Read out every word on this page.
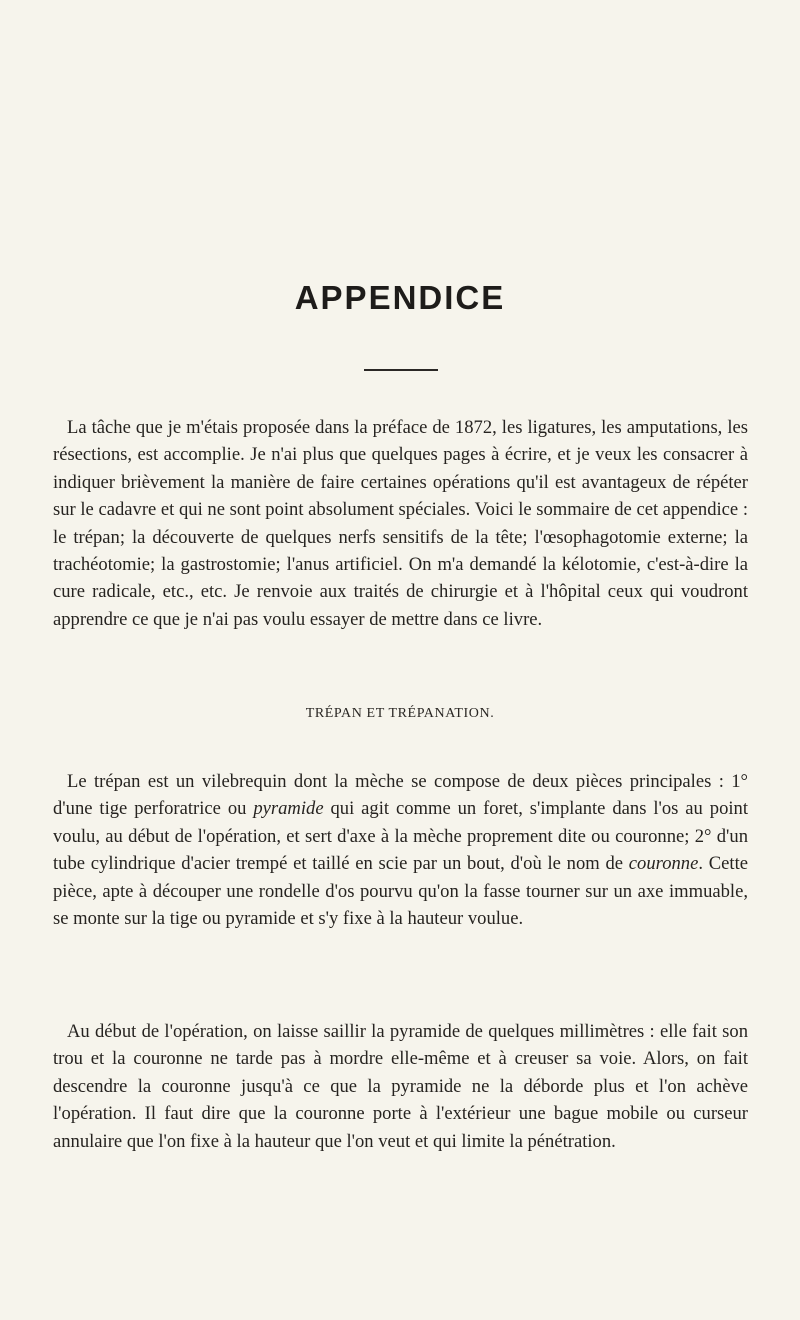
APPENDICE

La tâche que je m'étais proposée dans la préface de 1872, les ligatures, les amputations, les résections, est accomplie. Je n'ai plus que quelques pages à écrire, et je veux les consacrer à indiquer brièvement la manière de faire certaines opérations qu'il est avantageux de répéter sur le cadavre et qui ne sont point absolument spéciales. Voici le sommaire de cet appendice : le trépan; la découverte de quelques nerfs sensitifs de la tête; l'œsophagotomie externe; la trachéotomie; la gastrostomie; l'anus artificiel. On m'a demandé la kélotomie, c'est-à-dire la cure radicale, etc., etc. Je renvoie aux traités de chirurgie et à l'hôpital ceux qui voudront apprendre ce que je n'ai pas voulu essayer de mettre dans ce livre.

TRÉPAN ET TRÉPANATION.

Le trépan est un vilebrequin dont la mèche se compose de deux pièces principales : 1° d'une tige perforatrice ou pyramide qui agit comme un foret, s'implante dans l'os au point voulu, au début de l'opération, et sert d'axe à la mèche proprement dite ou couronne; 2° d'un tube cylindrique d'acier trempé et taillé en scie par un bout, d'où le nom de couronne. Cette pièce, apte à découper une rondelle d'os pourvu qu'on la fasse tourner sur un axe immuable, se monte sur la tige ou pyramide et s'y fixe à la hauteur voulue.

Au début de l'opération, on laisse saillir la pyramide de quelques millimètres : elle fait son trou et la couronne ne tarde pas à mordre elle-même et à creuser sa voie. Alors, on fait descendre la couronne jusqu'à ce que la pyramide ne la déborde plus et l'on achève l'opération. Il faut dire que la couronne porte à l'extérieur une bague mobile ou curseur annulaire que l'on fixe à la hauteur que l'on veut et qui limite la pénétration.
